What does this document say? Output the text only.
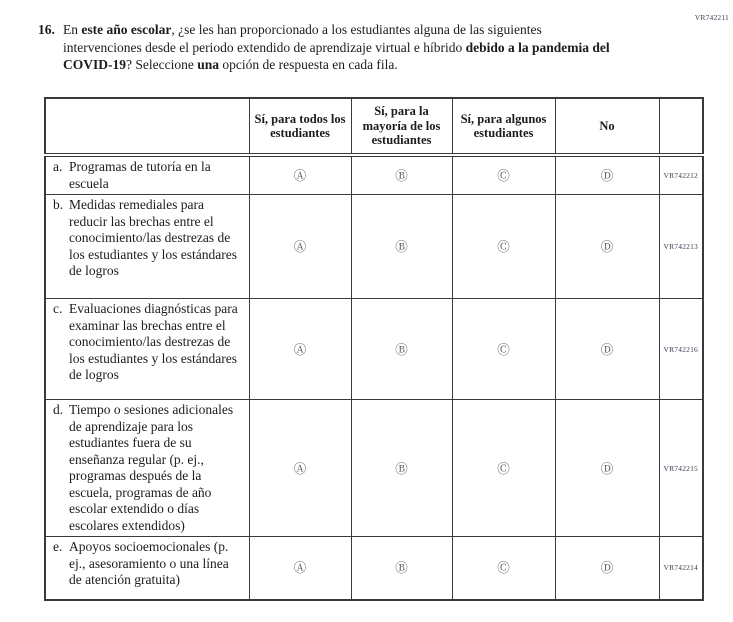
VR742211
16. En este año escolar, ¿se les han proporcionado a los estudiantes alguna de las siguientes intervenciones desde el periodo extendido de aprendizaje virtual e híbrido debido a la pandemia del COVID-19? Seleccione una opción de respuesta en cada fila.
	Sí, para todos los estudiantes	Sí, para la mayoría de los estudiantes	Sí, para algunos estudiantes	No	

a. Programas de tutoría en la escuela	Ⓐ	Ⓑ	Ⓒ	Ⓓ	VR742212

b. Medidas remediales para reducir las brechas entre el conocimiento/las destrezas de los estudiantes y los estándares de logros	Ⓐ	Ⓑ	Ⓒ	Ⓓ	VR742213

c. Evaluaciones diagnósticas para examinar las brechas entre el conocimiento/las destrezas de los estudiantes y los estándares de logros	Ⓐ	Ⓑ	Ⓒ	Ⓓ	VR742216

d. Tiempo o sesiones adicionales de aprendizaje para los estudiantes fuera de su enseñanza regular (p. ej., programas después de la escuela, programas de año escolar extendido o días escolares extendidos)	Ⓐ	Ⓑ	Ⓒ	Ⓓ	VR742215

e. Apoyos socioemocionales (p. ej., asesoramiento o una línea de atención gratuita)	Ⓐ	Ⓑ	Ⓒ	Ⓓ	VR742214
